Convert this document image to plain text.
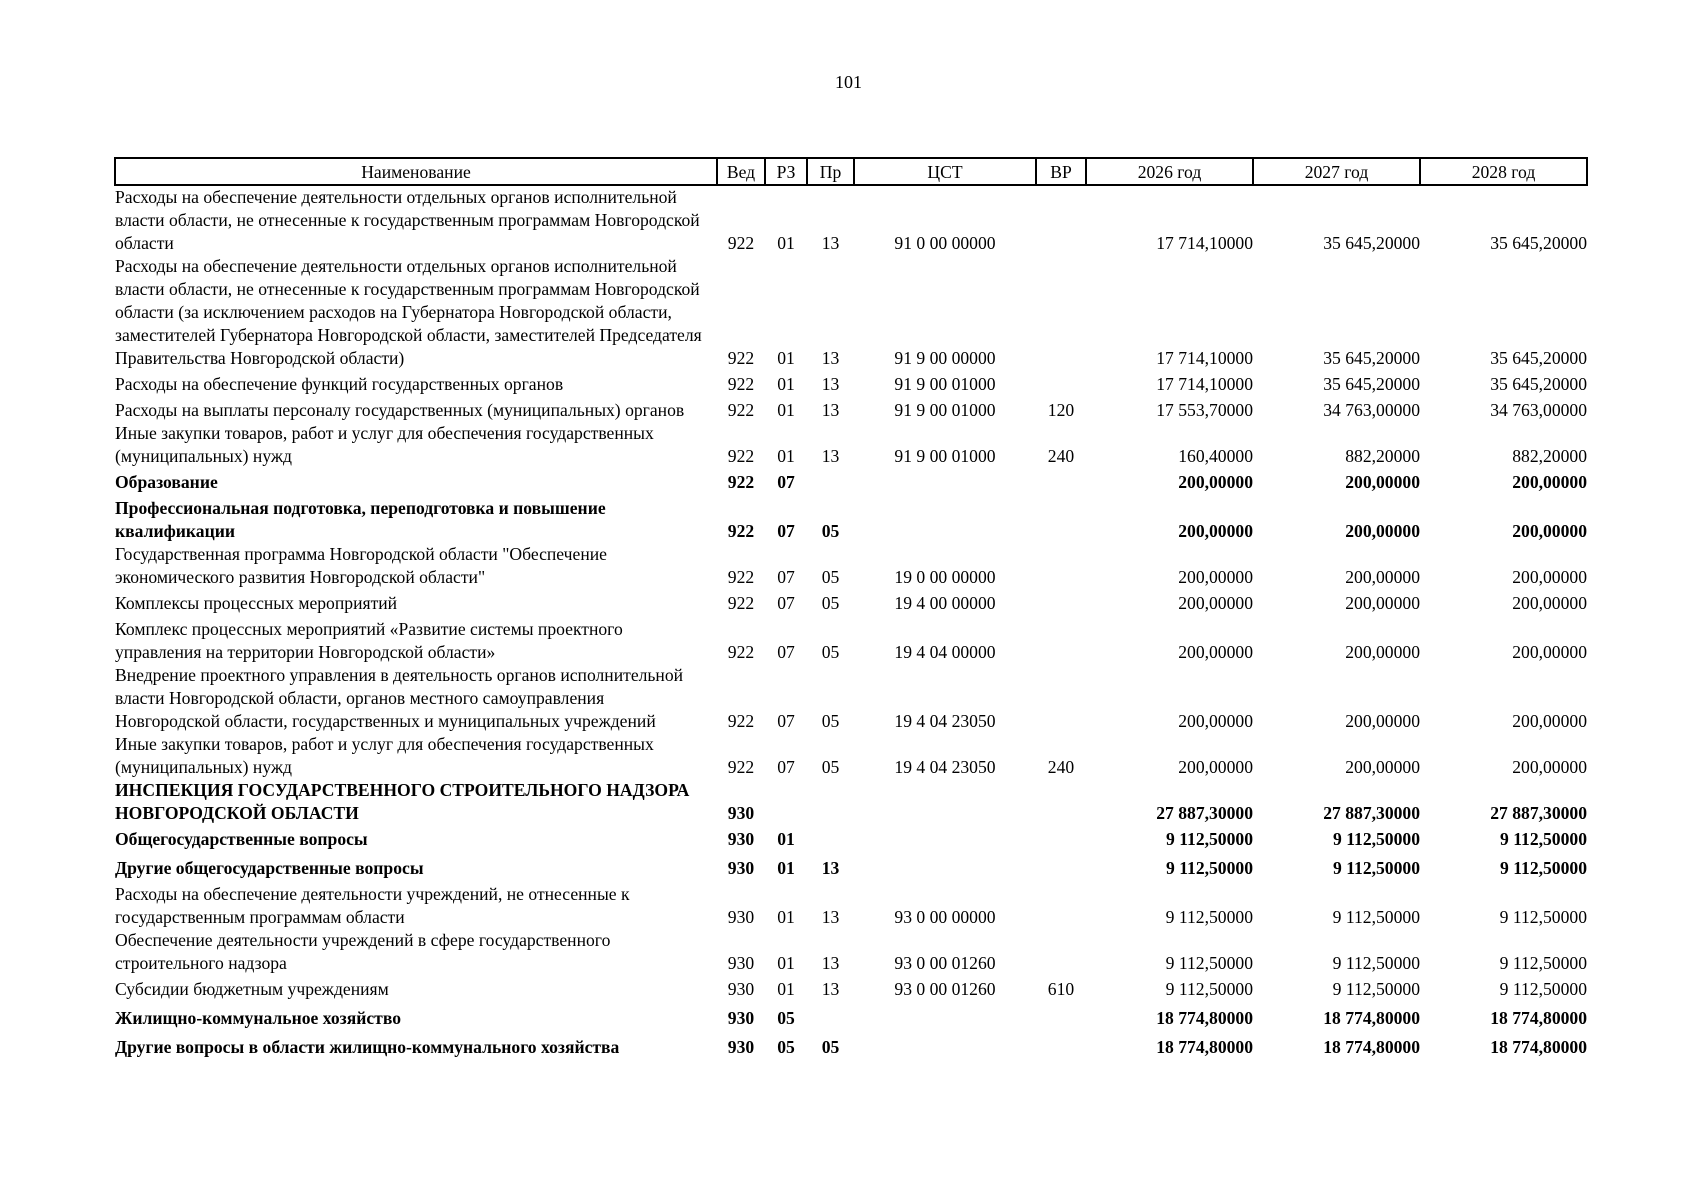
101
Наименование	Вед	РЗ	Пр	ЦСТ	ВР	2026 год	2027 год	2028 год
Расходы на обеспечение деятельности отдельных органов исполнительной власти области, не отнесенные к государственным программам Новгородской области	922	01	13	91 0 00 00000		17 714,10000	35 645,20000	35 645,20000
Расходы на обеспечение деятельности отдельных органов исполнительной власти области, не отнесенные к государственным программам Новгородской области (за исключением расходов на Губернатора Новгородской области, заместителей Губернатора Новгородской области, заместителей Председателя Правительства Новгородской области)	922	01	13	91 9 00 00000		17 714,10000	35 645,20000	35 645,20000
Расходы на обеспечение функций государственных органов	922	01	13	91 9 00 01000		17 714,10000	35 645,20000	35 645,20000
Расходы на выплаты персоналу государственных (муниципальных) органов	922	01	13	91 9 00 01000	120	17 553,70000	34 763,00000	34 763,00000
Иные закупки товаров, работ и услуг для обеспечения государственных (муниципальных) нужд	922	01	13	91 9 00 01000	240	160,40000	882,20000	882,20000
Образование	922	07				200,00000	200,00000	200,00000
Профессиональная подготовка, переподготовка и повышение квалификации	922	07	05			200,00000	200,00000	200,00000
Государственная программа Новгородской области "Обеспечение экономического развития Новгородской области"	922	07	05	19 0 00 00000		200,00000	200,00000	200,00000
Комплексы процессных мероприятий	922	07	05	19 4 00 00000		200,00000	200,00000	200,00000
Комплекс процессных мероприятий «Развитие системы проектного управления на территории Новгородской области»	922	07	05	19 4 04 00000		200,00000	200,00000	200,00000
Внедрение проектного управления в деятельность органов исполнительной власти Новгородской области, органов местного самоуправления Новгородской области, государственных и муниципальных учреждений	922	07	05	19 4 04 23050		200,00000	200,00000	200,00000
Иные закупки товаров, работ и услуг для обеспечения государственных (муниципальных) нужд	922	07	05	19 4 04 23050	240	200,00000	200,00000	200,00000
ИНСПЕКЦИЯ ГОСУДАРСТВЕННОГО СТРОИТЕЛЬНОГО НАДЗОРА НОВГОРОДСКОЙ ОБЛАСТИ	930					27 887,30000	27 887,30000	27 887,30000
Общегосударственные вопросы	930	01				9 112,50000	9 112,50000	9 112,50000
Другие общегосударственные вопросы	930	01	13			9 112,50000	9 112,50000	9 112,50000
Расходы на обеспечение деятельности учреждений, не отнесенные к государственным программам области	930	01	13	93 0 00 00000		9 112,50000	9 112,50000	9 112,50000
Обеспечение деятельности учреждений в сфере государственного строительного надзора	930	01	13	93 0 00 01260		9 112,50000	9 112,50000	9 112,50000
Субсидии бюджетным учреждениям	930	01	13	93 0 00 01260	610	9 112,50000	9 112,50000	9 112,50000
Жилищно-коммунальное хозяйство	930	05				18 774,80000	18 774,80000	18 774,80000
Другие вопросы в области жилищно-коммунального хозяйства	930	05	05			18 774,80000	18 774,80000	18 774,80000
